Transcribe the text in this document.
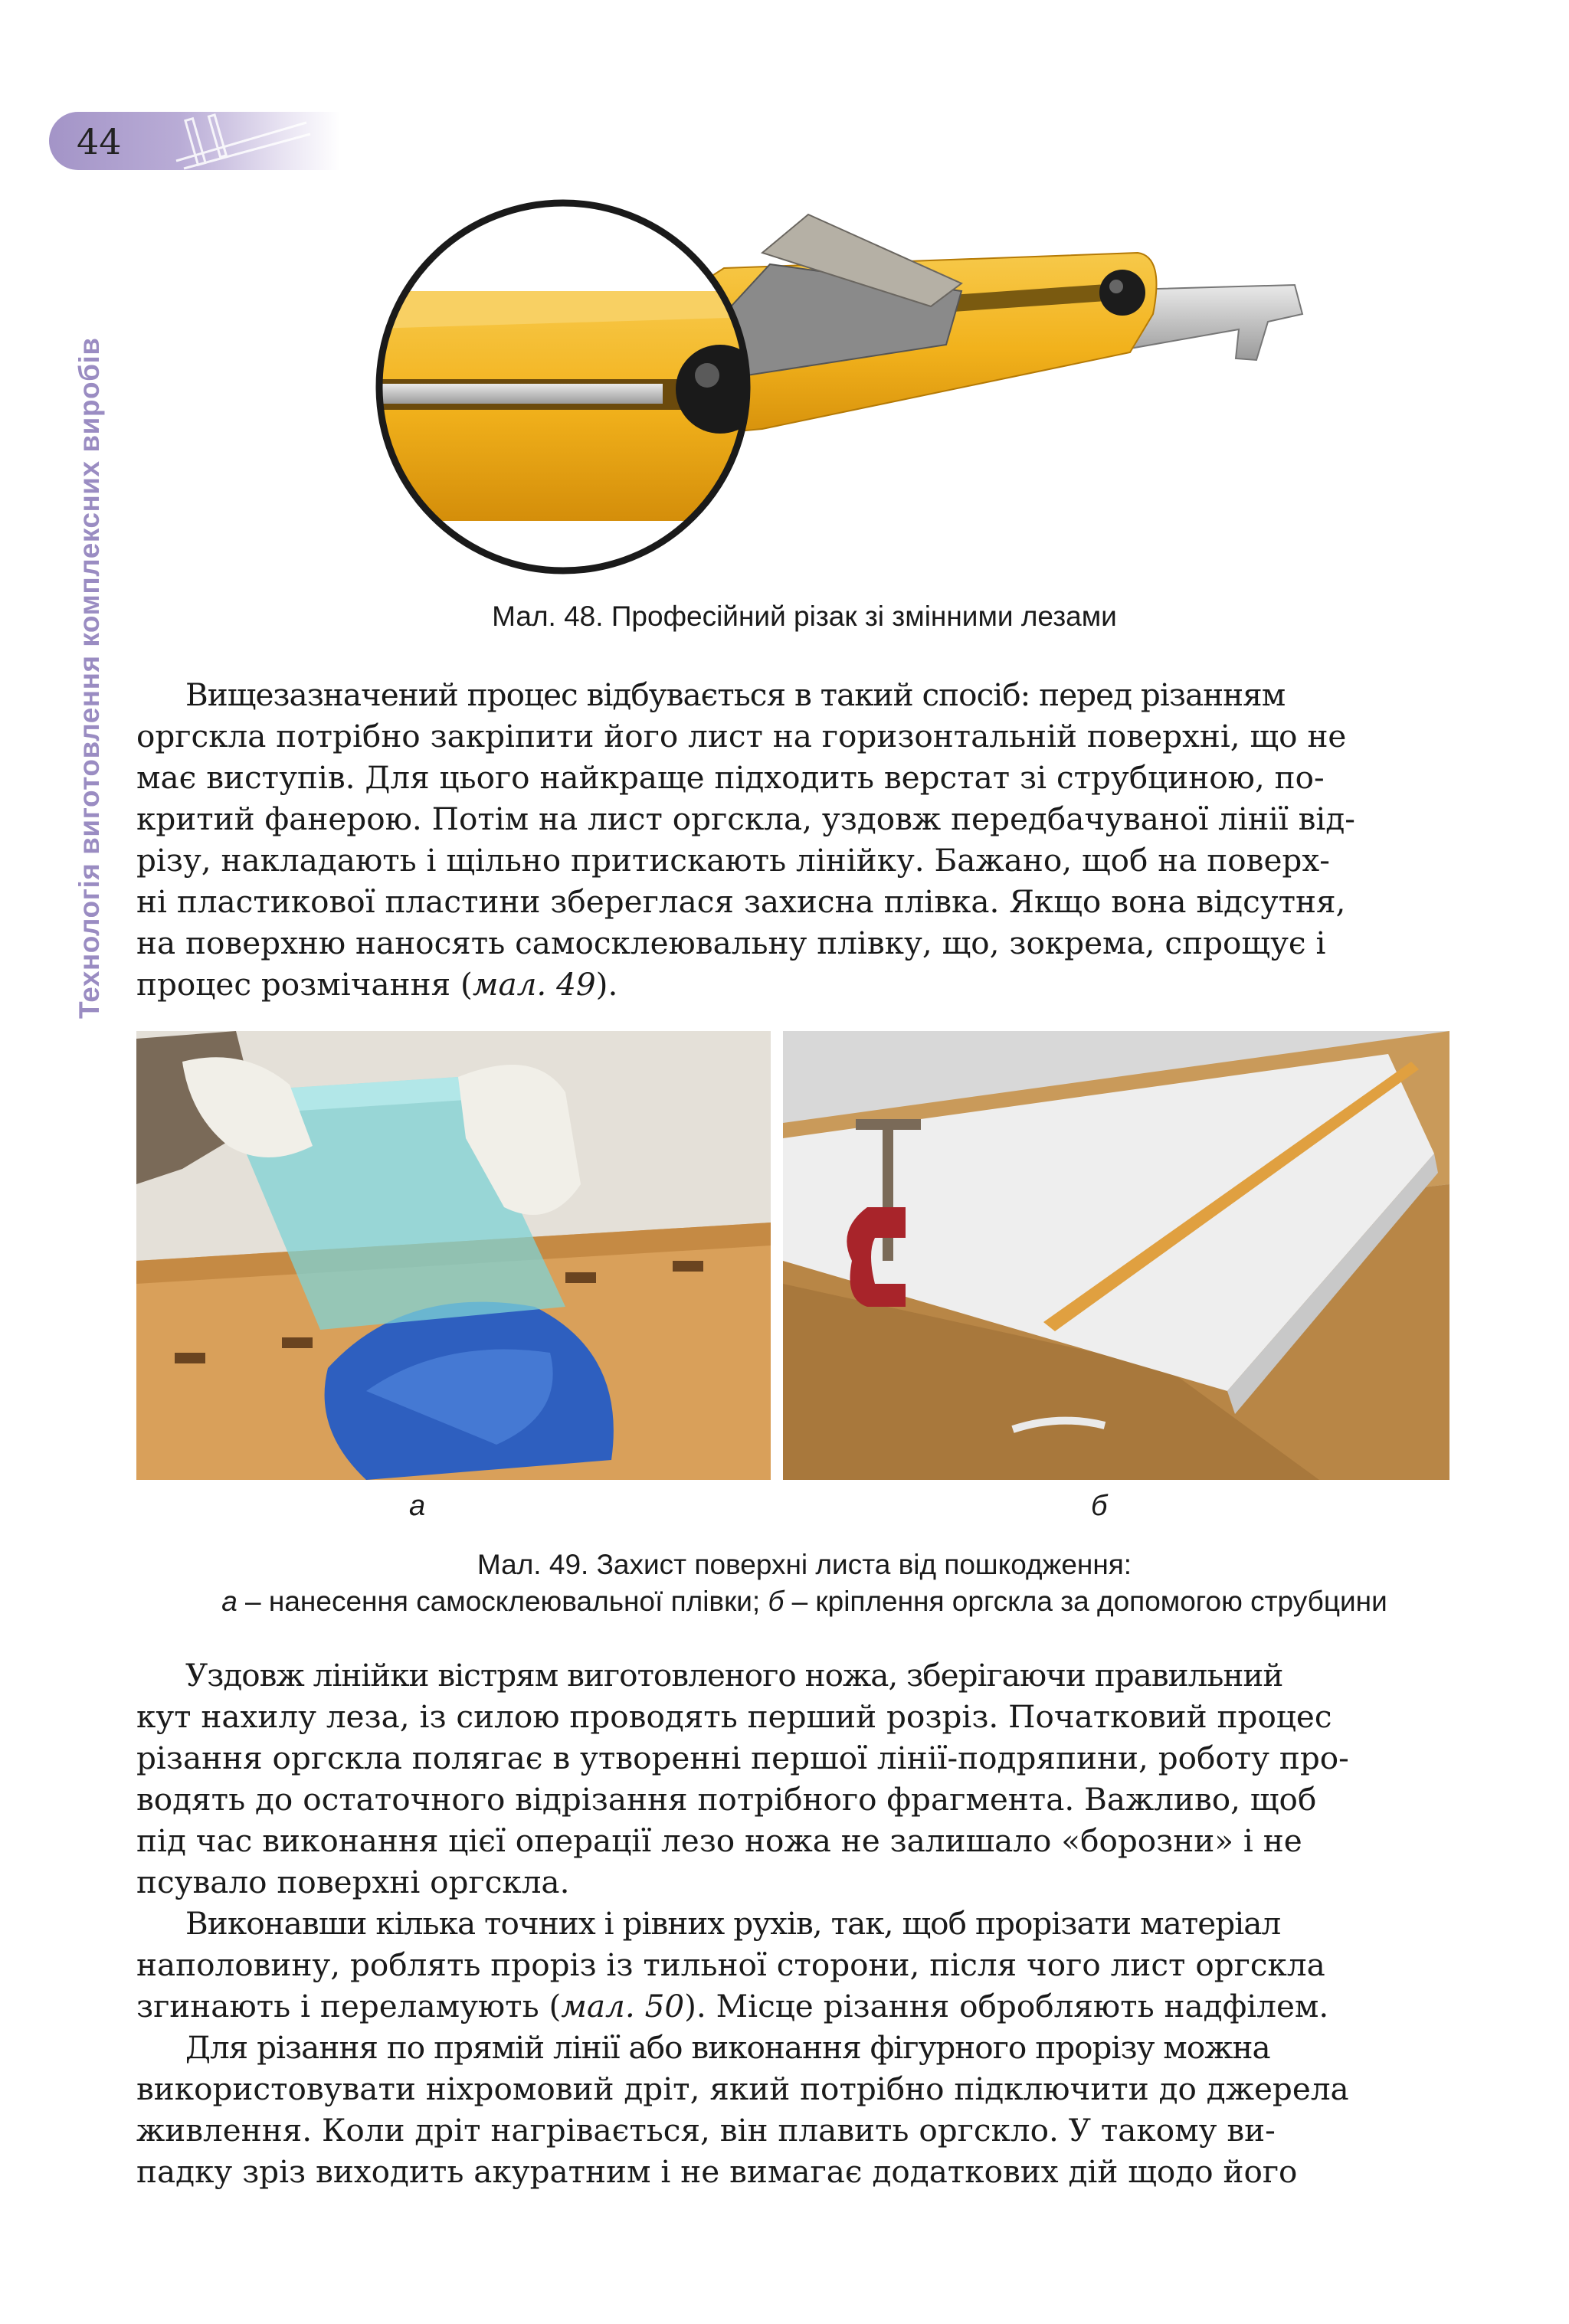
44
Технологія виготовлення комплексних виробів	Мал. 48. Професійний різак зі змінними лезами
Вищезазначений процес відбувається в такий спосіб: перед різанням
оргскла потрібно закріпити його лист на горизонтальній поверхні, що не
має виступів. Для цього найкраще підходить верстат зі струбциною, по-
критий фанерою. Потім на лист оргскла, уздовж передбачуваної лінії від-
різу, накладають і щільно притискають лінійку. Бажано, щоб на поверх-
ні пластикової пластини збереглася захисна плівка. Якщо вона відсутня,
на поверхню наносять самосклеювальну плівку, що, зокрема, спрощує і
процес розмічання (мал. 49).
а	б
Мал. 49. Захист поверхні листа від пошкодження:
а – нанесення самосклеювальної плівки; б – кріплення оргскла за допомогою струбцини
Уздовж лінійки вістрям виготовленого ножа, зберігаючи правильний
кут нахилу леза, із силою проводять перший розріз. Початковий процес
різання оргскла полягає в утворенні першої лінії-подряпини, роботу про-
водять до остаточного відрізання потрібного фрагмента. Важливо, щоб
під час виконання цієї операції лезо ножа не залишало «борозни» і не
псувало поверхні оргскла.
Виконавши кілька точних і рівних рухів, так, щоб прорізати матеріал
наполовину, роблять проріз із тильної сторони, після чого лист оргскла
згинають і переламують (мал. 50). Місце різання обробляють надфілем.
Для різання по прямій лінії або виконання фігурного прорізу можна
використовувати ніхромовий дріт, який потрібно підключити до джерела
живлення. Коли дріт нагрівається, він плавить оргскло. У такому ви-
падку зріз виходить акуратним і не вимагає додаткових дій щодо його
